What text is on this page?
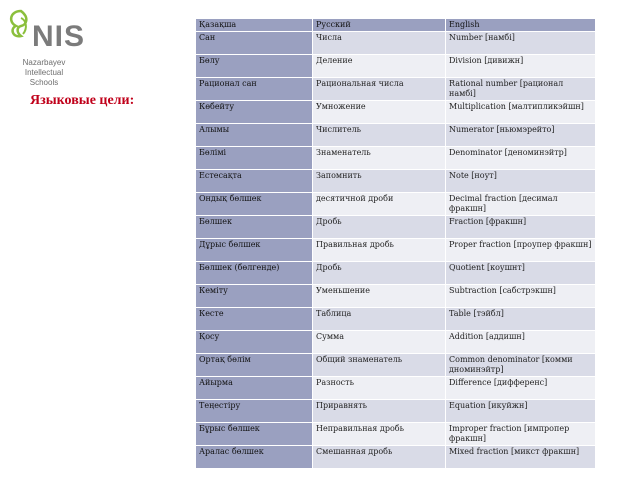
NIS
Nazarbayev
Intellectual
Schools
Языковые цели:
Қазақша	Русский	English
Сан	Числа	Number [намбі]
Бөлу	Деление	Division [дивижн]
Рационал сан	Рациональная числа	Rational number [рационал намбі]
Көбейту	Умножение	Multiplication [малтипликэйшн]
Алымы	Числитель	Numerator [ньюмэрейто]
Бөлімі	Знаменатель	Denominator [деноминэйтр]
Естесақта	Запомнить	Note [ноут]
Ондық бөлшек	десятичной дроби	Decimal fraction [десимал фракшн]
Бөлшек	Дробь	Fraction [фракшн]
Дұрыс бөлшек	Правильная дробь	Proper fraction [проупер фракшн]
Бөлшек (бөлгенде)	Дробь	Quotient [коушнт]
Кеміту	Уменьшение	Subtraction [сабстрэкшн]
Кесте	Таблица	Table [тэйбл]
Қосу	Сумма	Addition [аддишн]
Ортақ бөлім	Общий знаменатель	Common denominator [комми дноминэйтр]
Айырма	Разность	Difference [дифференс]
Теңестіру	Приравнять	Equation [икуйжн]
Бұрыс бөлшек	Неправильная дробь	Improper fraction [импропер фракшн]
Аралас бөлшек	Смешанная дробь	Mixed fraction [микст фракшн]
